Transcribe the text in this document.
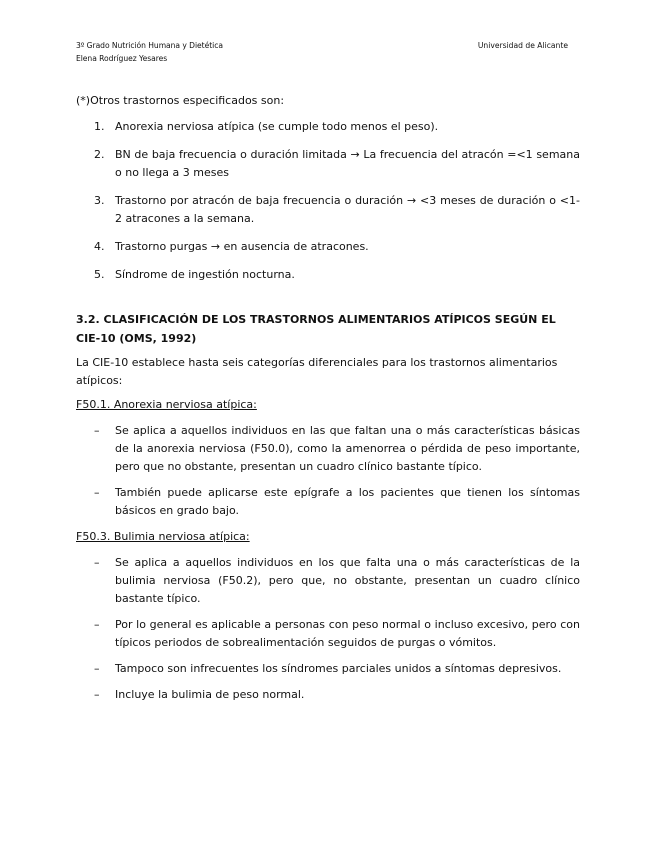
3º Grado Nutrición Humana y Dietética
Elena Rodríguez Yesares
Universidad de Alicante

(*)Otros trastornos especificados son:

1. Anorexia nerviosa atípica (se cumple todo menos el peso).
2. BN de baja frecuencia o duración limitada → La frecuencia del atracón =<1 semana o no llega a 3 meses
3. Trastorno por atracón de baja frecuencia o duración → <3 meses de duración o <1-2 atracones a la semana.
4. Trastorno purgas → en ausencia de atracones.
5. Síndrome de ingestión nocturna.

3.2. CLASIFICACIÓN DE LOS TRASTORNOS ALIMENTARIOS ATÍPICOS SEGÚN EL CIE-10 (OMS, 1992)

La CIE-10 establece hasta seis categorías diferenciales para los trastornos alimentarios atípicos:

F50.1. Anorexia nerviosa atípica:

– Se aplica a aquellos individuos en las que faltan una o más características básicas de la anorexia nerviosa (F50.0), como la amenorrea o pérdida de peso importante, pero que no obstante, presentan un cuadro clínico bastante típico.
– También puede aplicarse este epígrafe a los pacientes que tienen los síntomas básicos en grado bajo.

F50.3. Bulimia nerviosa atípica:

– Se aplica a aquellos individuos en los que falta una o más características de la bulimia nerviosa (F50.2), pero que, no obstante, presentan un cuadro clínico bastante típico.
– Por lo general es aplicable a personas con peso normal o incluso excesivo, pero con típicos periodos de sobrealimentación seguidos de purgas o vómitos.
– Tampoco son infrecuentes los síndromes parciales unidos a síntomas depresivos.
– Incluye la bulimia de peso normal.
